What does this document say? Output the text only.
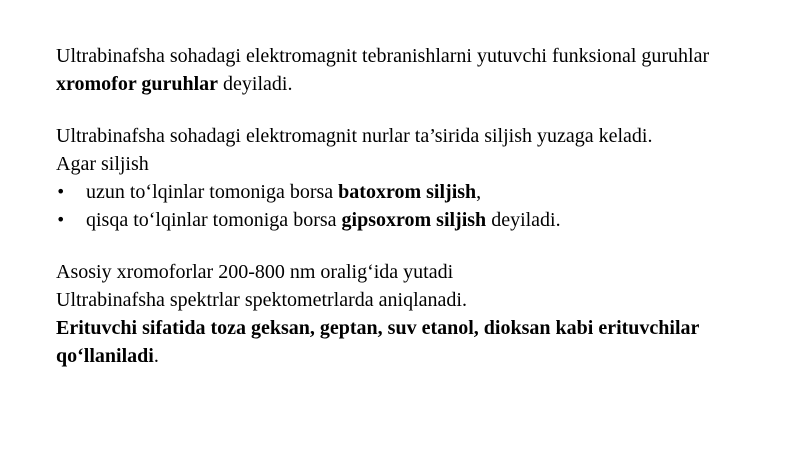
Ultrabinafsha sohadagi elektromagnit tebranishlarni yutuvchi funksional guruhlar xromofor guruhlar deyiladi.

Ultrabinafsha sohadagi elektromagnit nurlar ta’sirida siljish yuzaga keladi.

Agar siljish

• uzun to‘lqinlar tomoniga borsa batoxrom siljish,
• qisqa to‘lqinlar tomoniga borsa gipsoxrom siljish deyiladi.

Asosiy xromoforlar 200-800 nm oralig‘ida yutadi

Ultrabinafsha spektrlar spektometrlarda aniqlanadi.

Erituvchi sifatida toza geksan, geptan, suv etanol, dioksan kabi erituvchilar qo‘llaniladi.
